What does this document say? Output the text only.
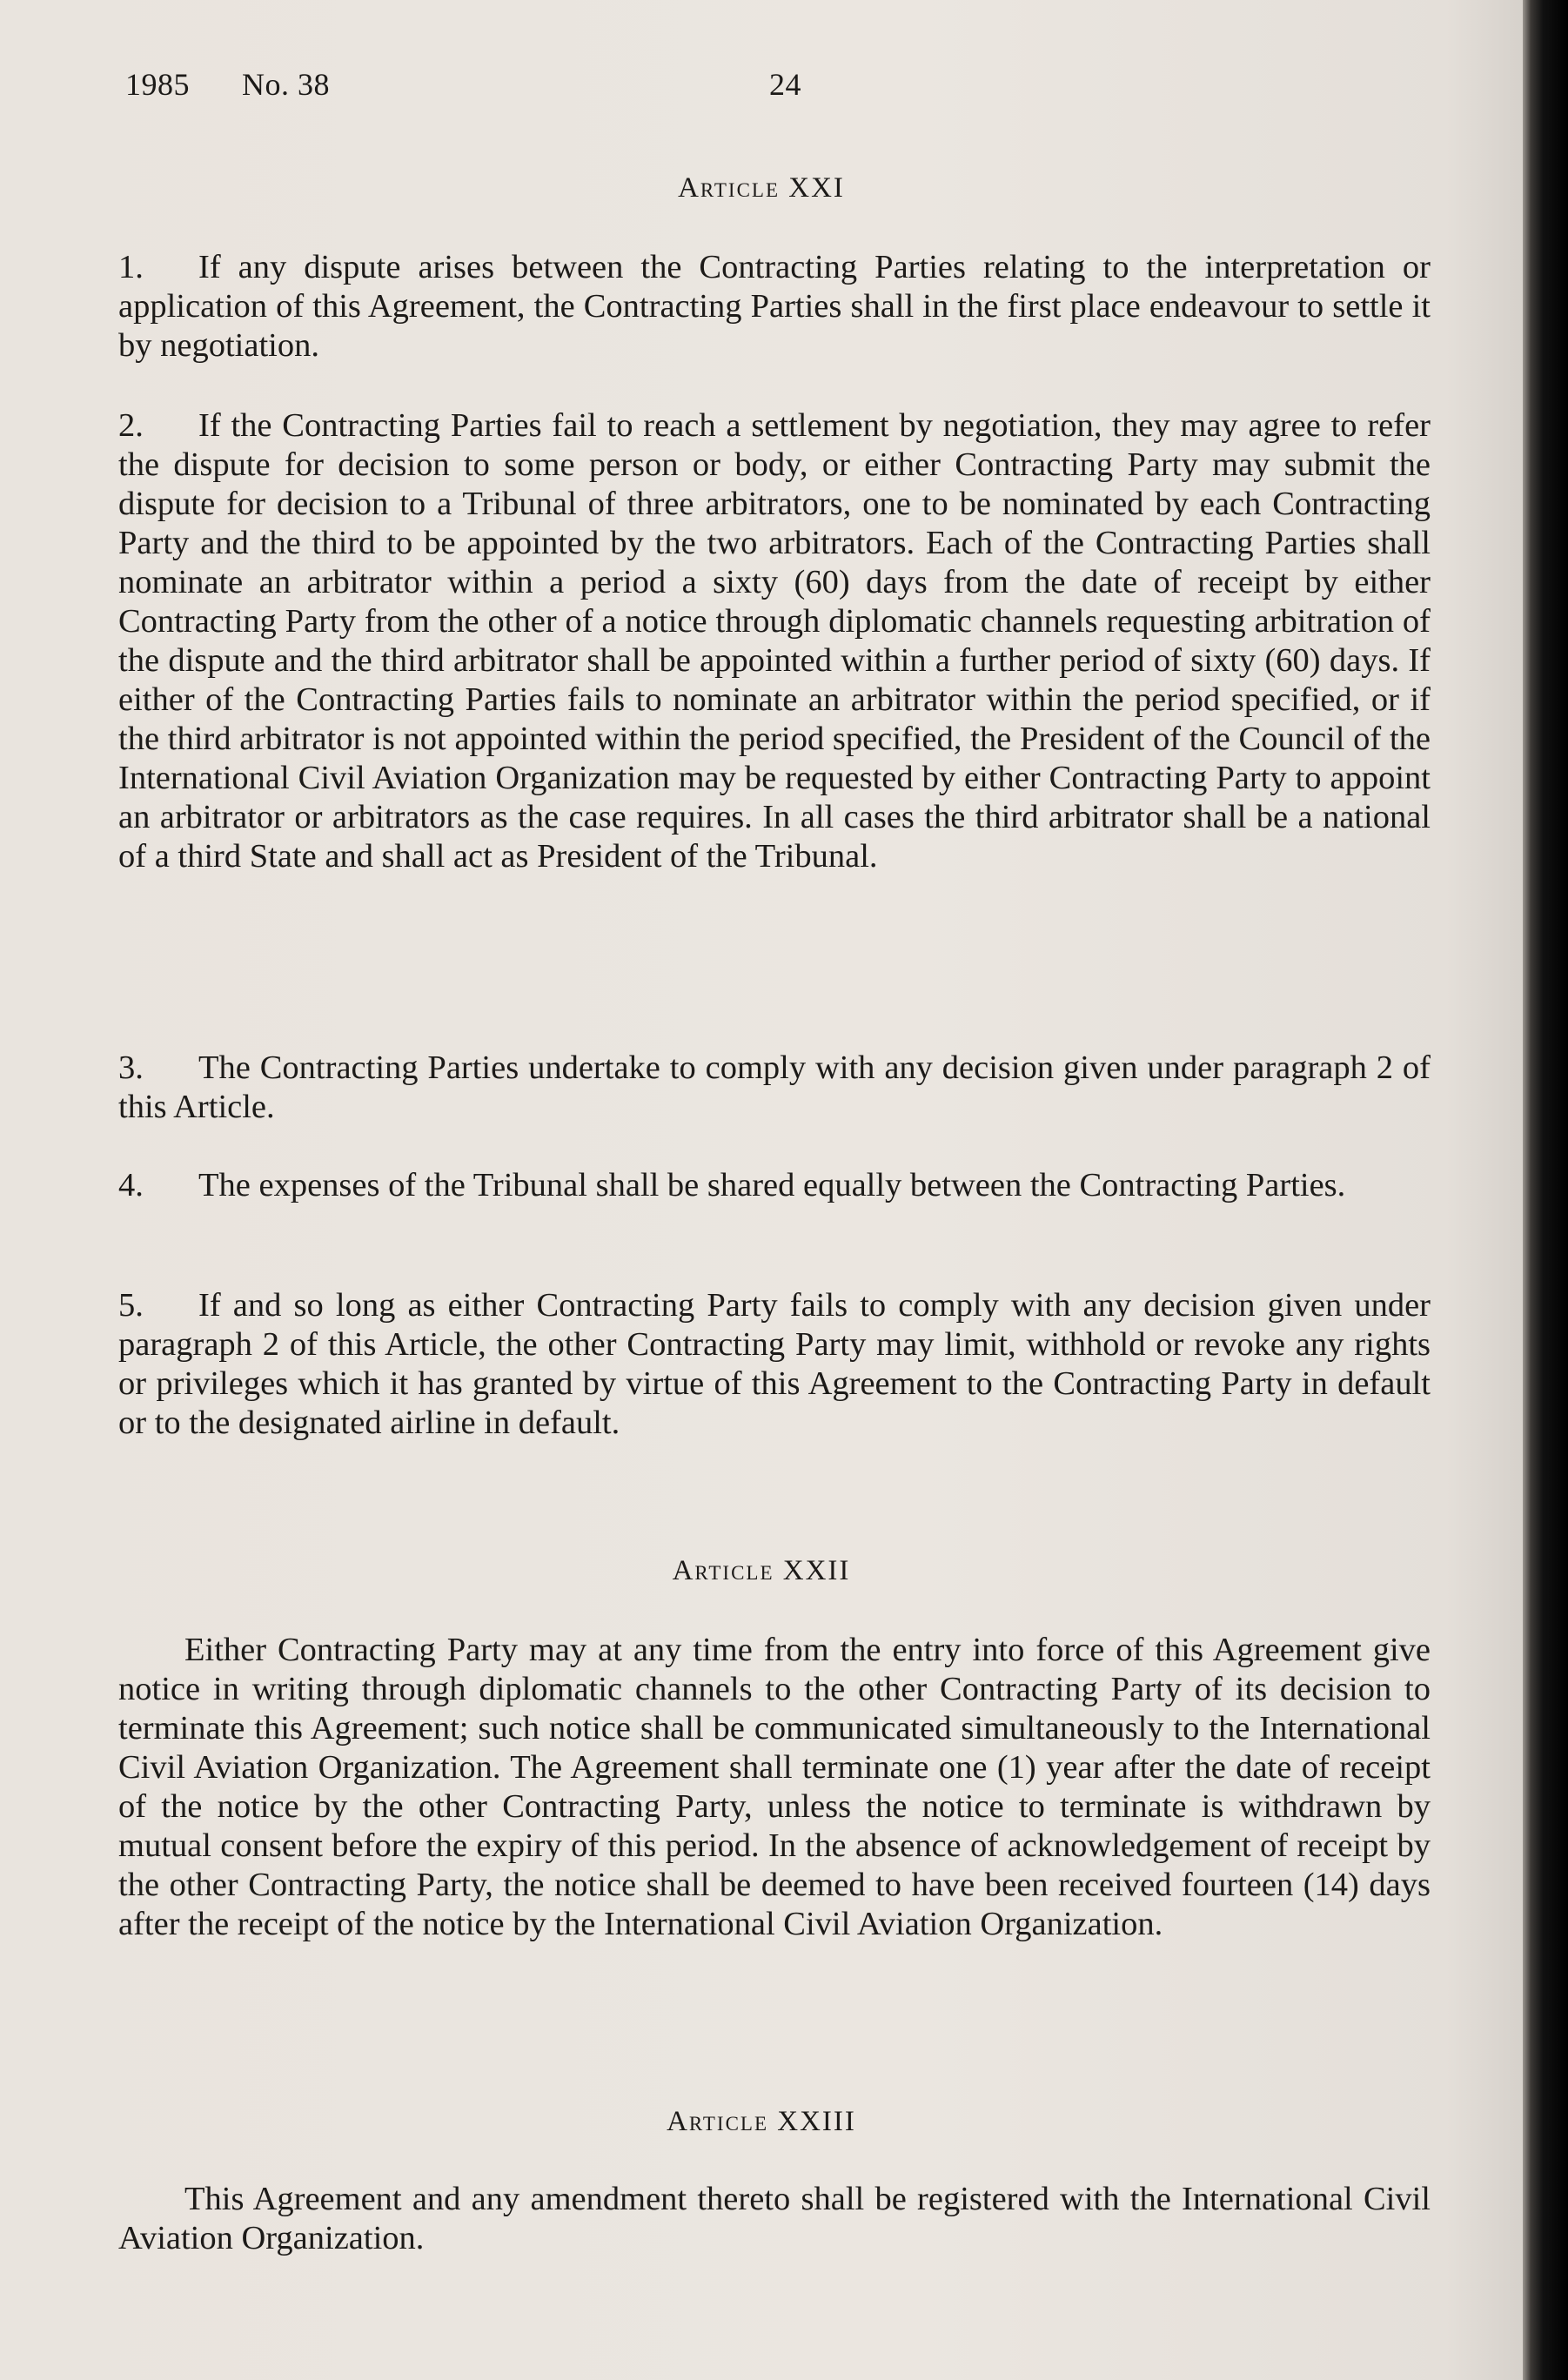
1985 No. 38	24
Article XXI

1. If any dispute arises between the Contracting Parties relating to the interpretation or application of this Agreement, the Contracting Parties shall in the first place endeavour to settle it by negotiation.

2. If the Contracting Parties fail to reach a settlement by negotiation, they may agree to refer the dispute for decision to some person or body, or either Contracting Party may submit the dispute for decision to a Tribunal of three arbitrators, one to be nominated by each Contracting Party and the third to be appointed by the two arbitrators. Each of the Contracting Parties shall nominate an arbitrator within a period a sixty (60) days from the date of receipt by either Contracting Party from the other of a notice through diplomatic channels requesting arbitration of the dispute and the third arbitrator shall be appointed within a further period of sixty (60) days. If either of the Contracting Parties fails to nominate an arbitrator within the period specified, or if the third arbitrator is not appointed within the period specified, the President of the Council of the International Civil Aviation Organization may be requested by either Contracting Party to appoint an arbitrator or arbitrators as the case requires. In all cases the third arbitrator shall be a national of a third State and shall act as President of the Tribunal.

3. The Contracting Parties undertake to comply with any decision given under paragraph 2 of this Article.

4. The expenses of the Tribunal shall be shared equally between the Contracting Parties.

5. If and so long as either Contracting Party fails to comply with any decision given under paragraph 2 of this Article, the other Contracting Party may limit, withhold or revoke any rights or privileges which it has granted by virtue of this Agreement to the Contracting Party in default or to the designated airline in default.

Article XXII

Either Contracting Party may at any time from the entry into force of this Agreement give notice in writing through diplomatic channels to the other Contracting Party of its decision to terminate this Agreement; such notice shall be communicated simultaneously to the International Civil Aviation Organization. The Agreement shall terminate one (1) year after the date of receipt of the notice by the other Contracting Party, unless the notice to terminate is withdrawn by mutual consent before the expiry of this period. In the absence of acknowledgement of receipt by the other Contracting Party, the notice shall be deemed to have been received fourteen (14) days after the receipt of the notice by the International Civil Aviation Organization.

Article XXIII

This Agreement and any amendment thereto shall be registered with the International Civil Aviation Organization.
